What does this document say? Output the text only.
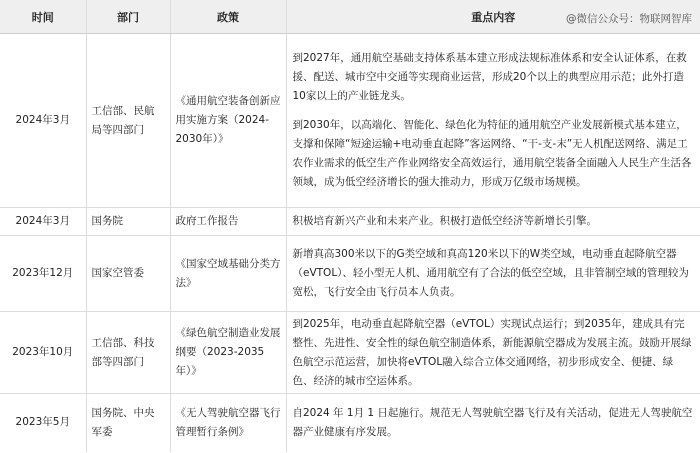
@微信公众号：物联网智库
时间	部门	政策	重点内容
2024年3月	工信部、民航局等四部门	《通用航空装备创新应用实施方案（2024-2030年）》	到2027年，通用航空基础支持体系基本建立形成法规标准体系和安全认证体系，在救援、配送、城市空中交通等实现商业运营，形成20个以上的典型应用示范；此外打造10家以上的产业链龙头。

到2030年，以高端化、智能化、绿色化为特征的通用航空产业发展新模式基本建立，支撑和保障“短途运输+电动垂直起降”客运网络、“干-支-末”无人机配送网络、满足工农作业需求的低空生产作业网络安全高效运行，通用航空装备全面融入人民生产生活各领域，成为低空经济增长的强大推动力，形成万亿级市场规模。

2024年3月	国务院	政府工作报告	积极培育新兴产业和未来产业。积极打造低空经济等新增长引擎。

2023年12月	国家空管委	《国家空域基础分类方法》	新增真高300米以下的G类空域和真高120米以下的W类空域，电动垂直起降航空器（eVTOL）、轻小型无人机、通用航空有了合法的低空空域，且非管制空域的管理较为宽松，飞行安全由飞行员本人负责。

2023年10月	工信部、科技部等四部门	《绿色航空制造业发展纲要（2023-2035年）》	到2025年，电动垂直起降航空器（eVTOL）实现试点运行；到2035年，建成具有完整性、先进性、安全性的绿色航空制造体系，新能源航空器成为发展主流。鼓励开展绿色航空示范运营，加快将eVTOL融入综合立体交通网络，初步形成安全、便捷、绿色、经济的城市空运体系。

2023年5月	国务院、中央军委	《无人驾驶航空器飞行管理暂行条例》	自2024 年 1月 1 日起施行。规范无人驾驶航空器飞行及有关活动，促进无人驾驶航空器产业健康有序发展。
